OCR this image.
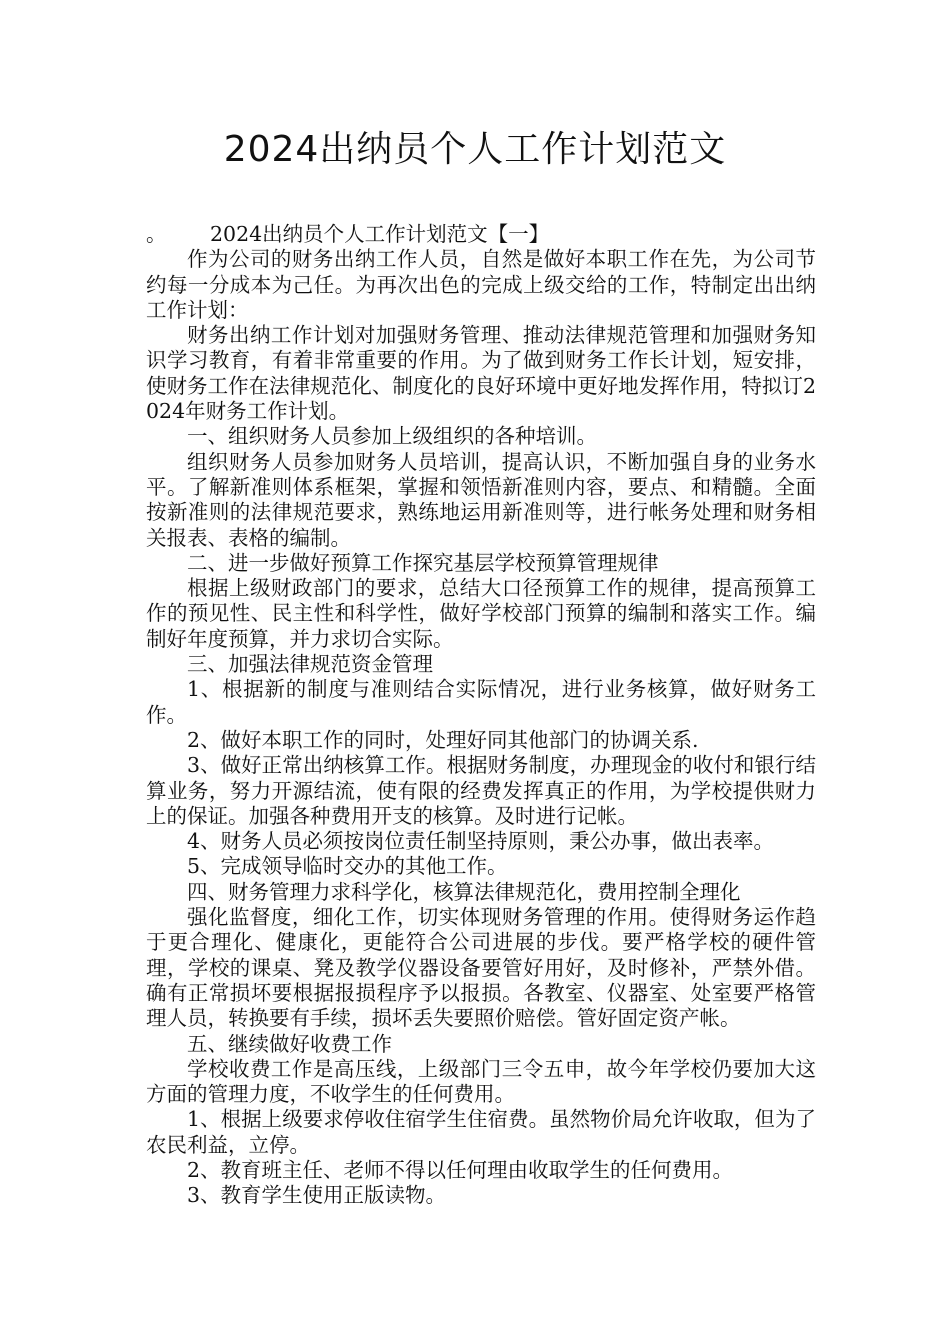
2024出纳员个人工作计划范文

。 2024出纳员个人工作计划范文【一】

作为公司的财务出纳工作人员，自然是做好本职工作在先，为公司节约每一分成本为己任。为再次出色的完成上级交给的工作，特制定出出纳工作计划：

财务出纳工作计划对加强财务管理、推动法律规范管理和加强财务知识学习教育，有着非常重要的作用。为了做到财务工作长计划，短安排，使财务工作在法律规范化、制度化的良好环境中更好地发挥作用，特拟订2024年财务工作计划。

一、组织财务人员参加上级组织的各种培训。

组织财务人员参加财务人员培训，提高认识，不断加强自身的业务水平。了解新准则体系框架，掌握和领悟新准则内容，要点、和精髓。全面按新准则的法律规范要求，熟练地运用新准则等，进行帐务处理和财务相关报表、表格的编制。

二、进一步做好预算工作探究基层学校预算管理规律

根据上级财政部门的要求，总结大口径预算工作的规律，提高预算工作的预见性、民主性和科学性，做好学校部门预算的编制和落实工作。编制好年度预算，并力求切合实际。

三、加强法律规范资金管理

1、根据新的制度与准则结合实际情况，进行业务核算，做好财务工作。

2、做好本职工作的同时，处理好同其他部门的协调关系.

3、做好正常出纳核算工作。根据财务制度，办理现金的收付和银行结算业务，努力开源结流，使有限的经费发挥真正的作用，为学校提供财力上的保证。加强各种费用开支的核算。及时进行记帐。

4、财务人员必须按岗位责任制坚持原则，秉公办事，做出表率。

5、完成领导临时交办的其他工作。

四、财务管理力求科学化，核算法律规范化，费用控制全理化

强化监督度，细化工作，切实体现财务管理的作用。使得财务运作趋于更合理化、健康化，更能符合公司进展的步伐。要严格学校的硬件管理，学校的课桌、凳及教学仪器设备要管好用好，及时修补，严禁外借。确有正常损坏要根据报损程序予以报损。各教室、仪器室、处室要严格管理人员，转换要有手续，损坏丢失要照价赔偿。管好固定资产帐。

五、继续做好收费工作

学校收费工作是高压线，上级部门三令五申，故今年学校仍要加大这方面的管理力度，不收学生的任何费用。

1、根据上级要求停收住宿学生住宿费。虽然物价局允许收取，但为了农民利益，立停。

2、教育班主任、老师不得以任何理由收取学生的任何费用。

3、教育学生使用正版读物。
